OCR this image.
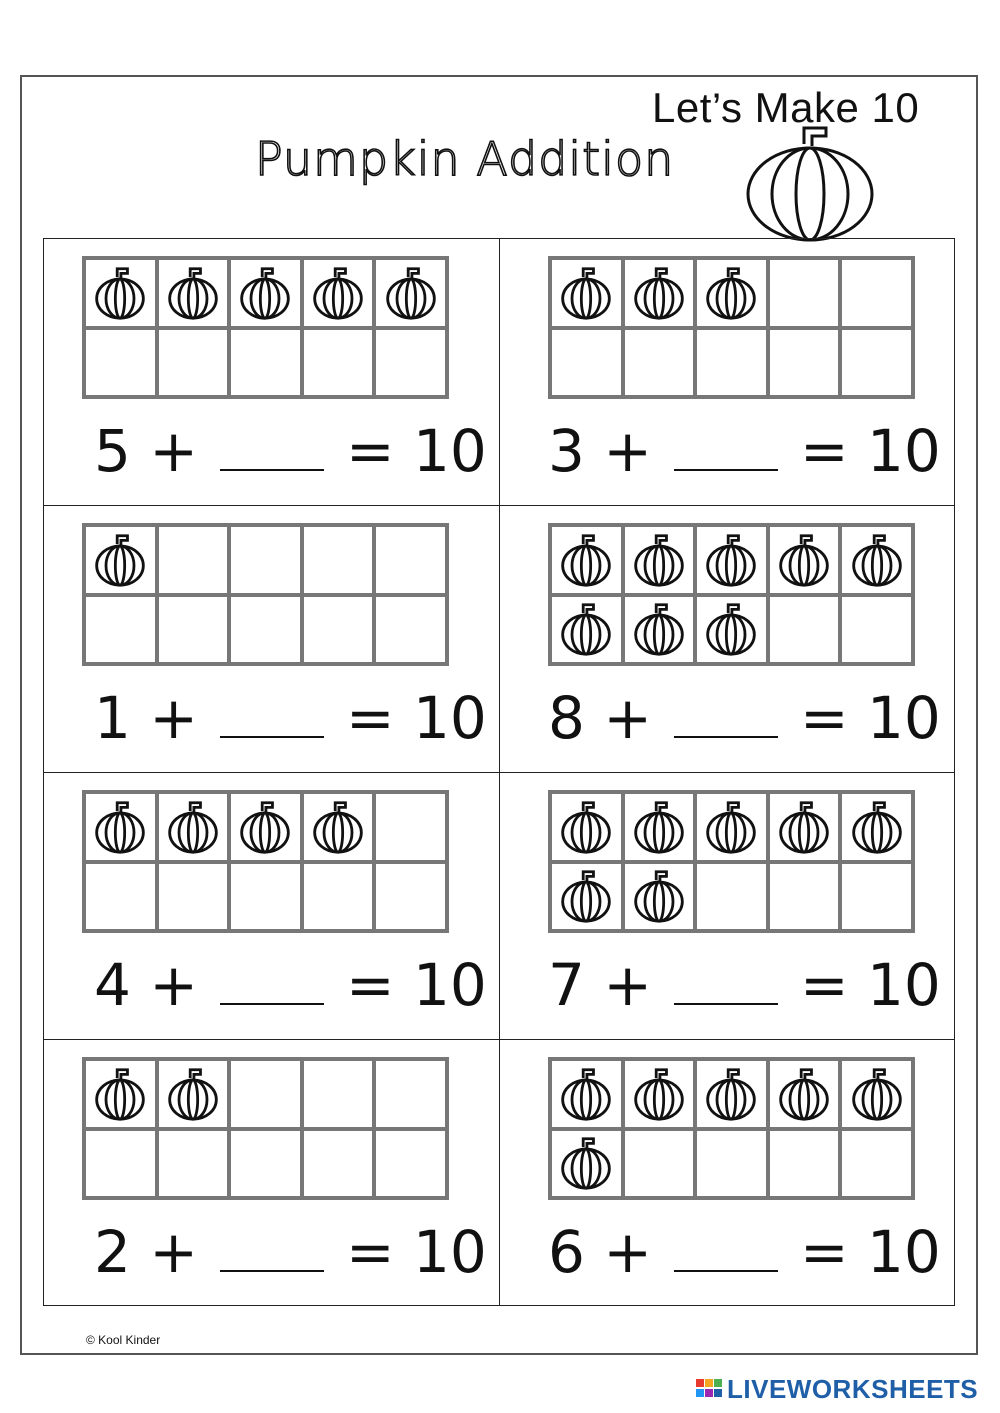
Let’s Make 10
Pumpkin Addition
5 +	= 10 3 +	= 10
1 +	= 10 8 +	= 10
4 +	= 10 7 +	= 10
2 +	= 10 6 +	= 10
© Kool Kinder
LIVEWORKSHEETS
